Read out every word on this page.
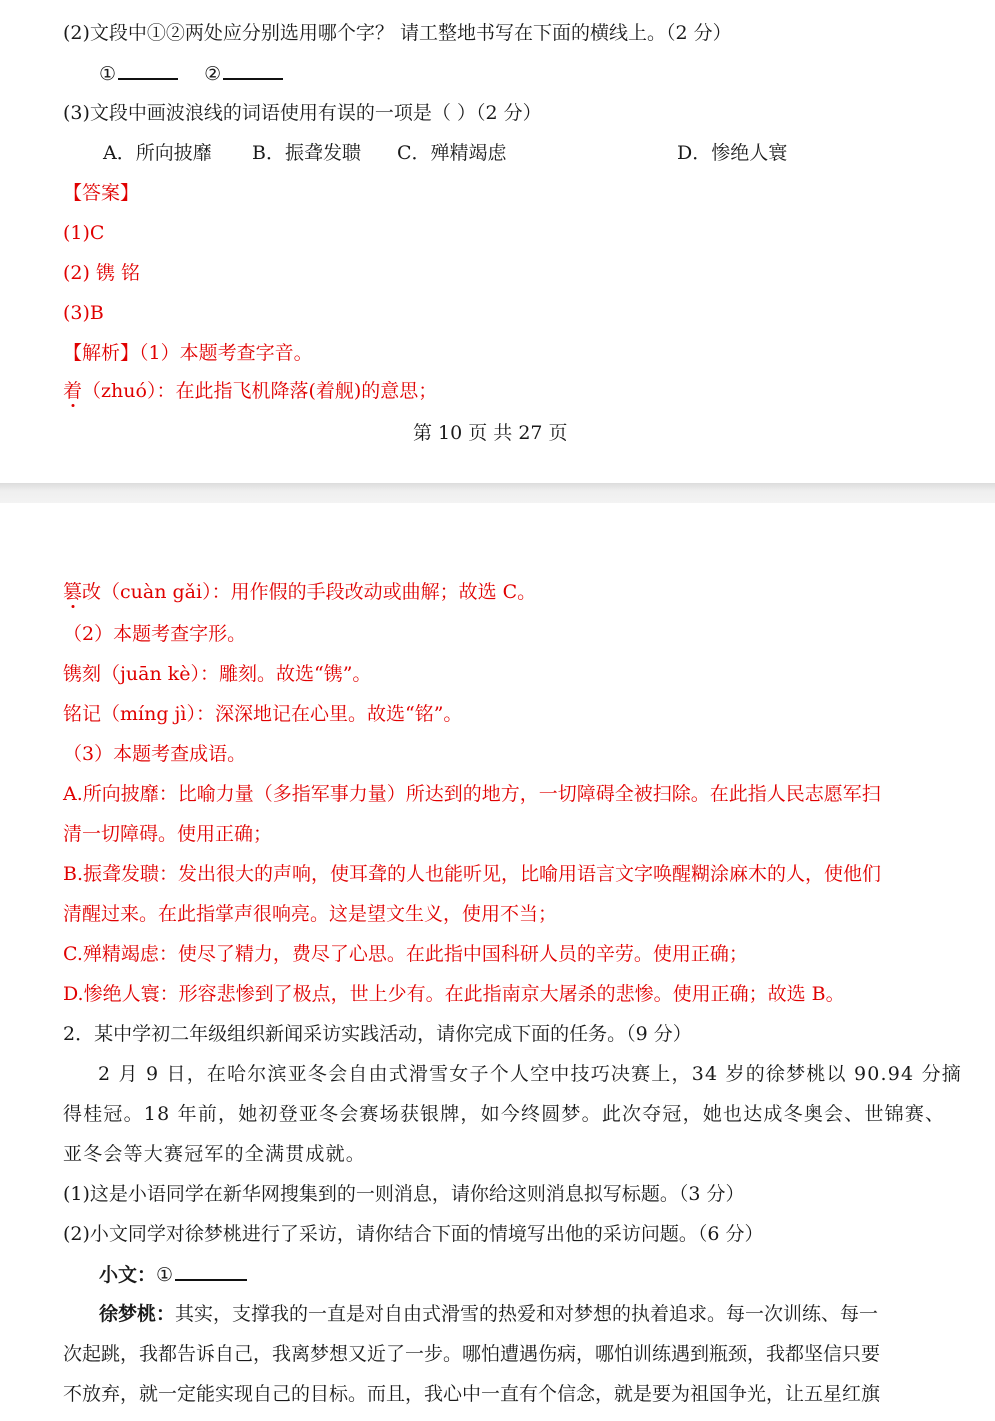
(2)文段中①②两处应分别选用哪个字？ 请工整地书写在下面的横线上。（2 分）
①	②
(3)文段中画波浪线的词语使用有误的一项是（ ）（2 分）
A．所向披靡 B．振聋发聩 C．殚精竭虑	D．惨绝人寰
【答案】
(1)C
(2) 镌 铭
(3)B
【解析】（1）本题考查字音。
着（zhuó）：在此指飞机降落(着舰)的意思；
第 10 页 共 27 页
篡改（cuàn gǎi）：用作假的手段改动或曲解；故选 C。
（2）本题考查字形。
镌刻（juān kè）：雕刻。故选“镌”。
铭记（míng jì）：深深地记在心里。故选“铭”。
（3）本题考查成语。
A.所向披靡：比喻力量（多指军事力量）所达到的地方，一切障碍全被扫除。在此指人民志愿军扫
清一切障碍。使用正确；
B.振聋发聩：发出很大的声响，使耳聋的人也能听见，比喻用语言文字唤醒糊涂麻木的人，使他们
清醒过来。在此指掌声很响亮。这是望文生义，使用不当；
C.殚精竭虑：使尽了精力，费尽了心思。在此指中国科研人员的辛劳。使用正确；
D.惨绝人寰：形容悲惨到了极点，世上少有。在此指南京大屠杀的悲惨。使用正确；故选 B。
2．某中学初二年级组织新闻采访实践活动，请你完成下面的任务。（9 分）
2 月 9 日，在哈尔滨亚冬会自由式滑雪女子个人空中技巧决赛上，34 岁的徐梦桃以 90.94 分摘
得桂冠。18 年前，她初登亚冬会赛场获银牌，如今终圆梦。此次夺冠，她也达成冬奥会、世锦赛、
亚冬会等大赛冠军的全满贯成就。
(1)这是小语同学在新华网搜集到的一则消息，请你给这则消息拟写标题。（3 分）
(2)小文同学对徐梦桃进行了采访，请你结合下面的情境写出他的采访问题。（6 分）
小文：①
徐梦桃：其实，支撑我的一直是对自由式滑雪的热爱和对梦想的执着追求。每一次训练、每一
次起跳，我都告诉自己，我离梦想又近了一步。哪怕遭遇伤病，哪怕训练遇到瓶颈，我都坚信只要
不放弃，就一定能实现自己的目标。而且，我心中一直有个信念，就是要为祖国争光，让五星红旗
